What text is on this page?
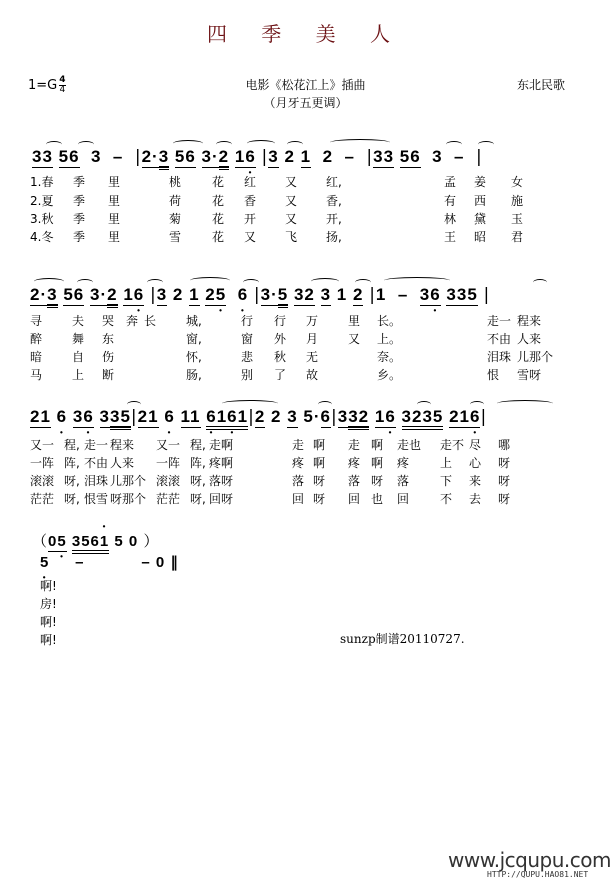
四 季 美 人
$1=G \frac{4}{4}$	电影《松花江上》插曲
（月牙五更调）
东北民歌
33 56  3  –  |2·3 56 3·2 16 • |3 2 1  2  –  |33 56  3  –  |
1.春 季 里	桃	花 红 又 红,	孟 姜 女
2.夏 季 里	荷	花 香 又 香,	有 西 施
3.秋 季 里	菊	花 开 又 开,	林 黛 玉
4.冬 季 里	雪	花 又 飞 扬,	王 昭 君
2·3 56 3·2 16 • |3 2 1 25 • 6 • |3·5 32 3 1 2 |1  –  36 • 335 |
寻 夫 哭 奔 长 城,	行 行 万 里 长。	走一 程来
醉 舞 东	窗,	窗 外 月 又 上。	不由 人来
暗 自 伤	怀,	悲 秋 无	奈。	泪珠 儿那个
马 上 断	肠,	别 了 故	乡。	恨 雪呀
21 6 • 36 • 335|21 6 • 11 6 •16 •1|2 2 3 5·6|332 16 • 3235 216 •|
又一 程, 走一 程来 又一 程, 走啊	走 啊 走 啊 走也 走不 尽 哪
一阵 阵, 不由 人来 一阵 阵, 疼啊	疼 啊 疼 啊 疼	上 心 呀
滚滚 呀, 泪珠 儿那个 滚滚 呀, 落呀	落 呀 落 呀 落	下 来 呀
茫茫 呀, 恨雪 呀那个 茫茫 呀, 回呀	回 呀 回 也 回	不 去 呀
（05 • 356• 1 5 0 ）
5 •     –           – 0 ‖
啊!
房!
啊!
啊!	sunzp制谱20110727.
www.jcqupu.com
HTTP://QUPU.HAO81.NET
